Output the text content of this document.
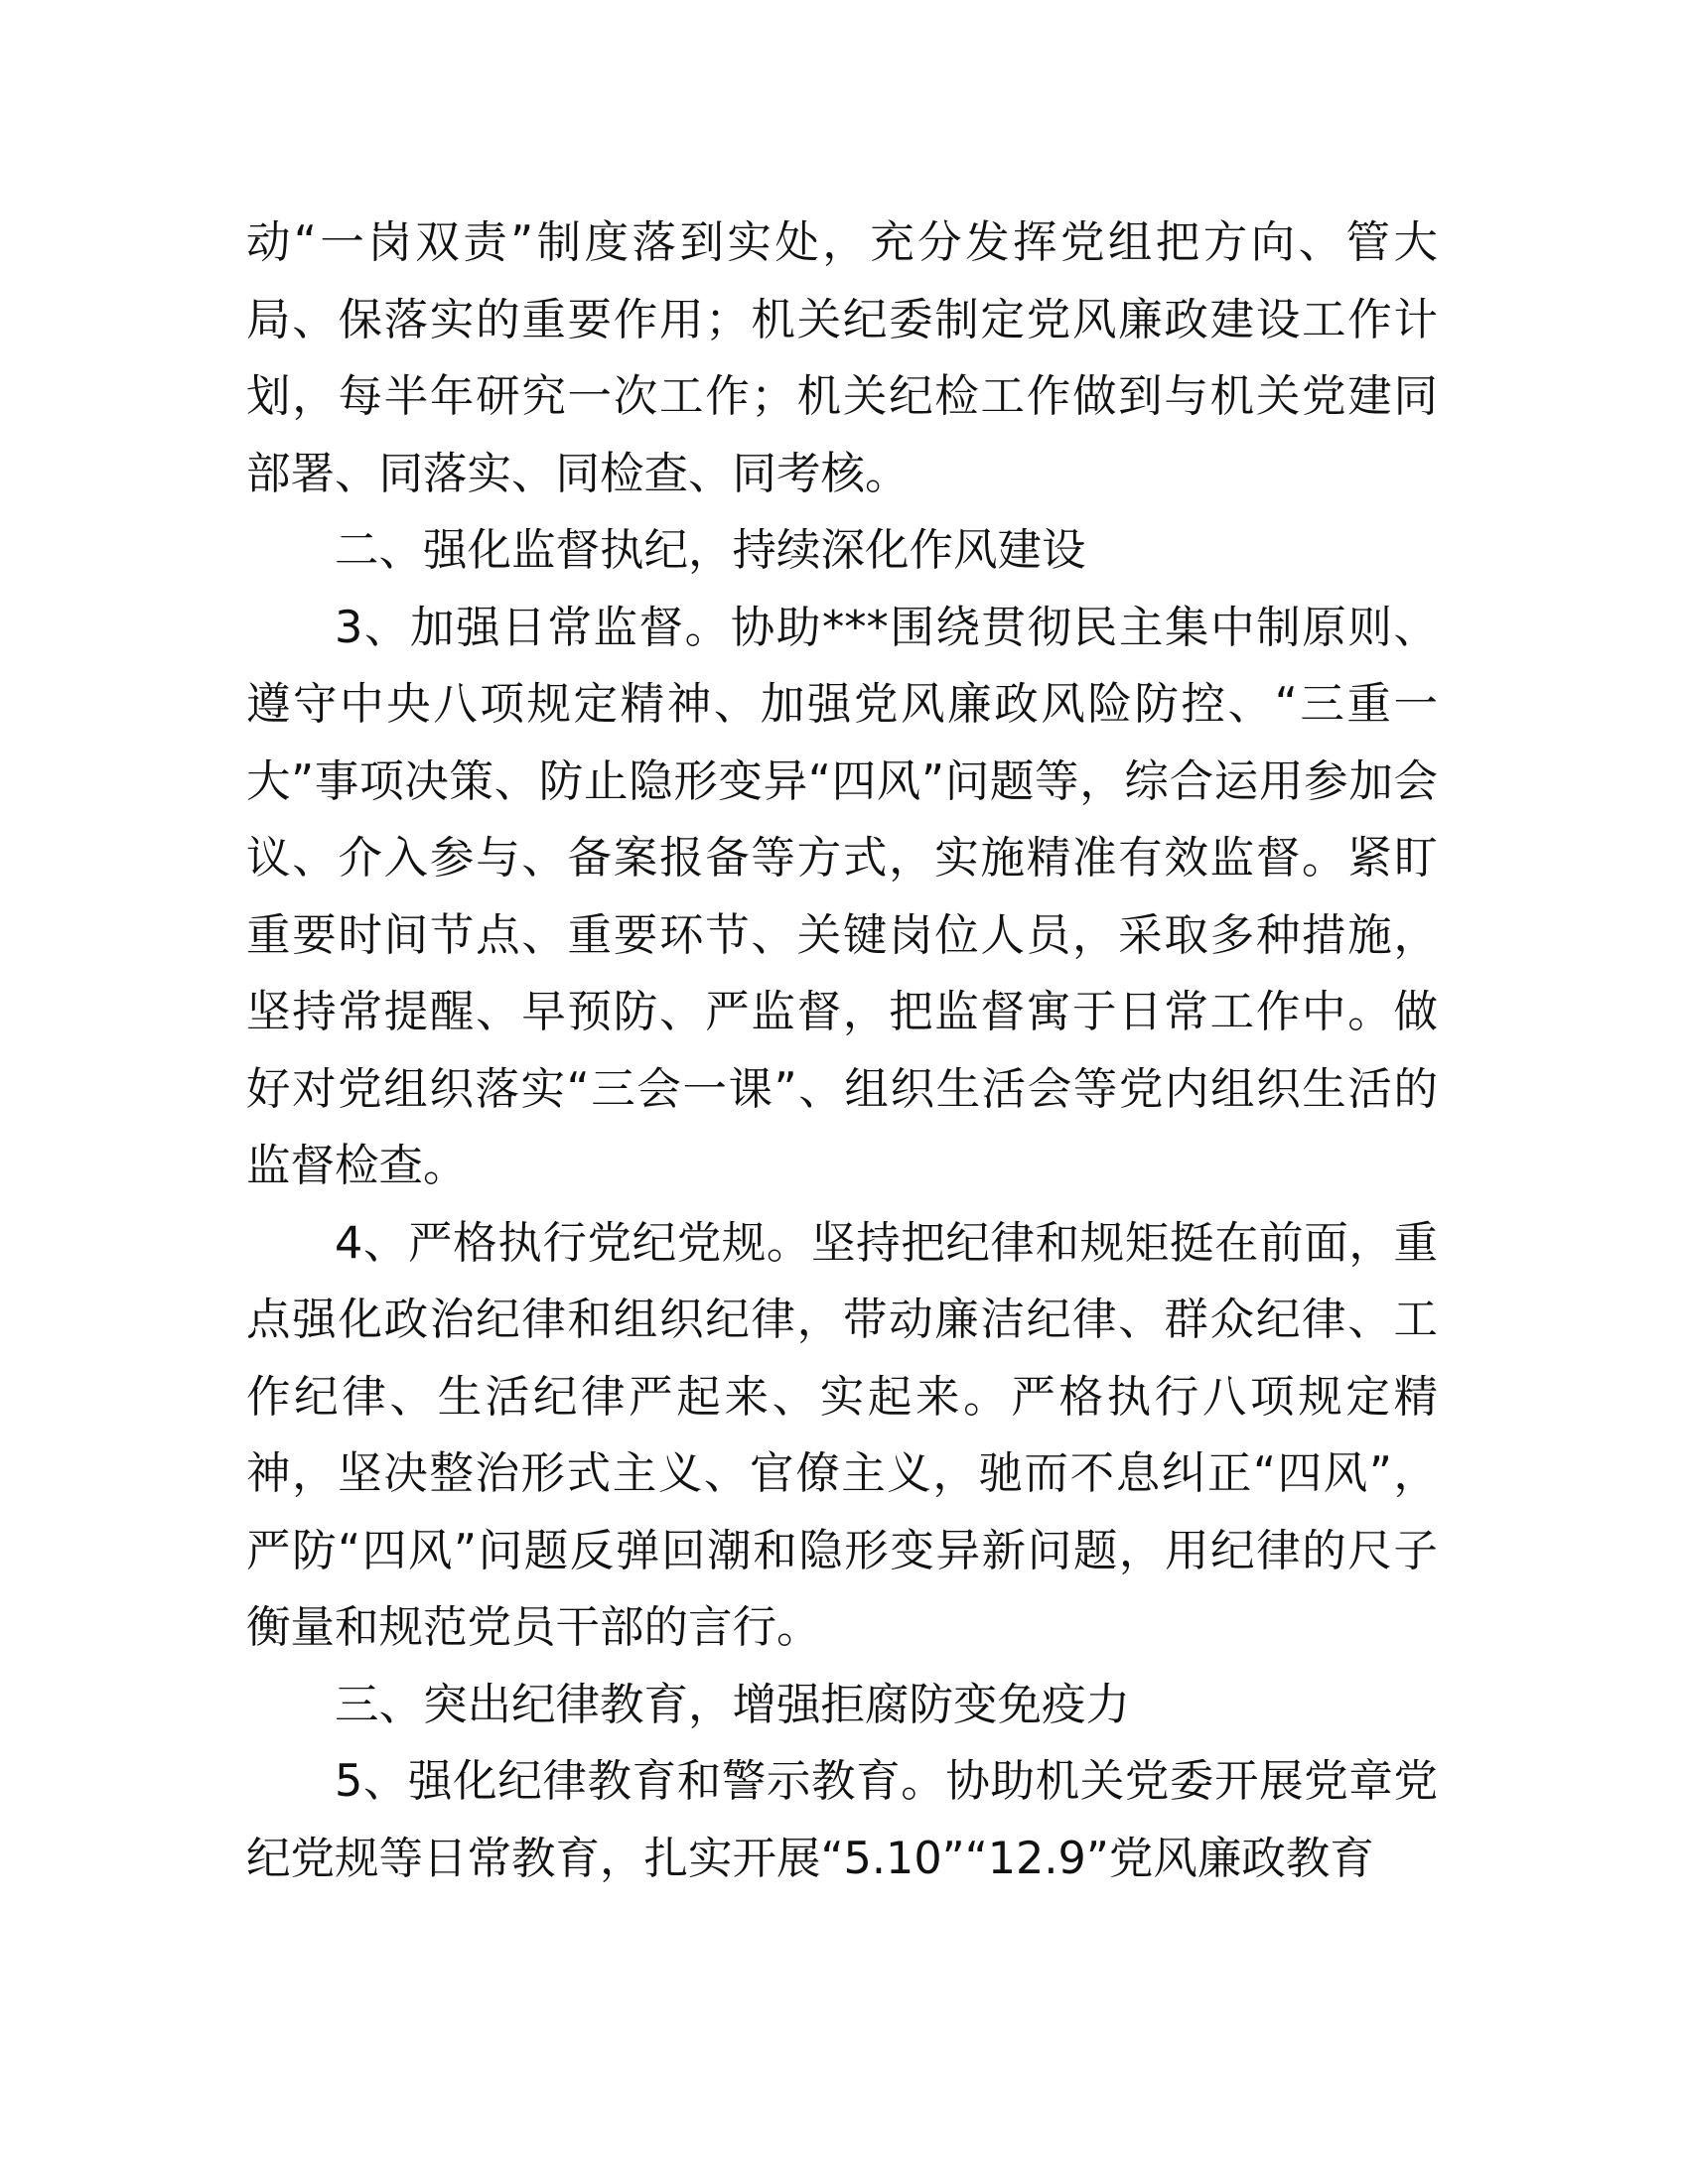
动“一岗双责”制度落到实处，充分发挥党组把方向、管大局、保落实的重要作用；机关纪委制定党风廉政建设工作计划，每半年研究一次工作；机关纪检工作做到与机关党建同部署、同落实、同检查、同考核。

二、强化监督执纪，持续深化作风建设

3、加强日常监督。协助***围绕贯彻民主集中制原则、遵守中央八项规定精神、加强党风廉政风险防控、“三重一大”事项决策、防止隐形变异“四风”问题等，综合运用参加会议、介入参与、备案报备等方式，实施精准有效监督。紧盯重要时间节点、重要环节、关键岗位人员，采取多种措施，坚持常提醒、早预防、严监督，把监督寓于日常工作中。做好对党组织落实“三会一课”、组织生活会等党内组织生活的监督检查。

4、严格执行党纪党规。坚持把纪律和规矩挺在前面，重点强化政治纪律和组织纪律，带动廉洁纪律、群众纪律、工作纪律、生活纪律严起来、实起来。严格执行八项规定精神，坚决整治形式主义、官僚主义，驰而不息纠正“四风”，严防“四风”问题反弹回潮和隐形变异新问题，用纪律的尺子衡量和规范党员干部的言行。

三、突出纪律教育，增强拒腐防变免疫力

5、强化纪律教育和警示教育。协助机关党委开展党章党纪党规等日常教育，扎实开展“5.10”“12.9”党风廉政教育
